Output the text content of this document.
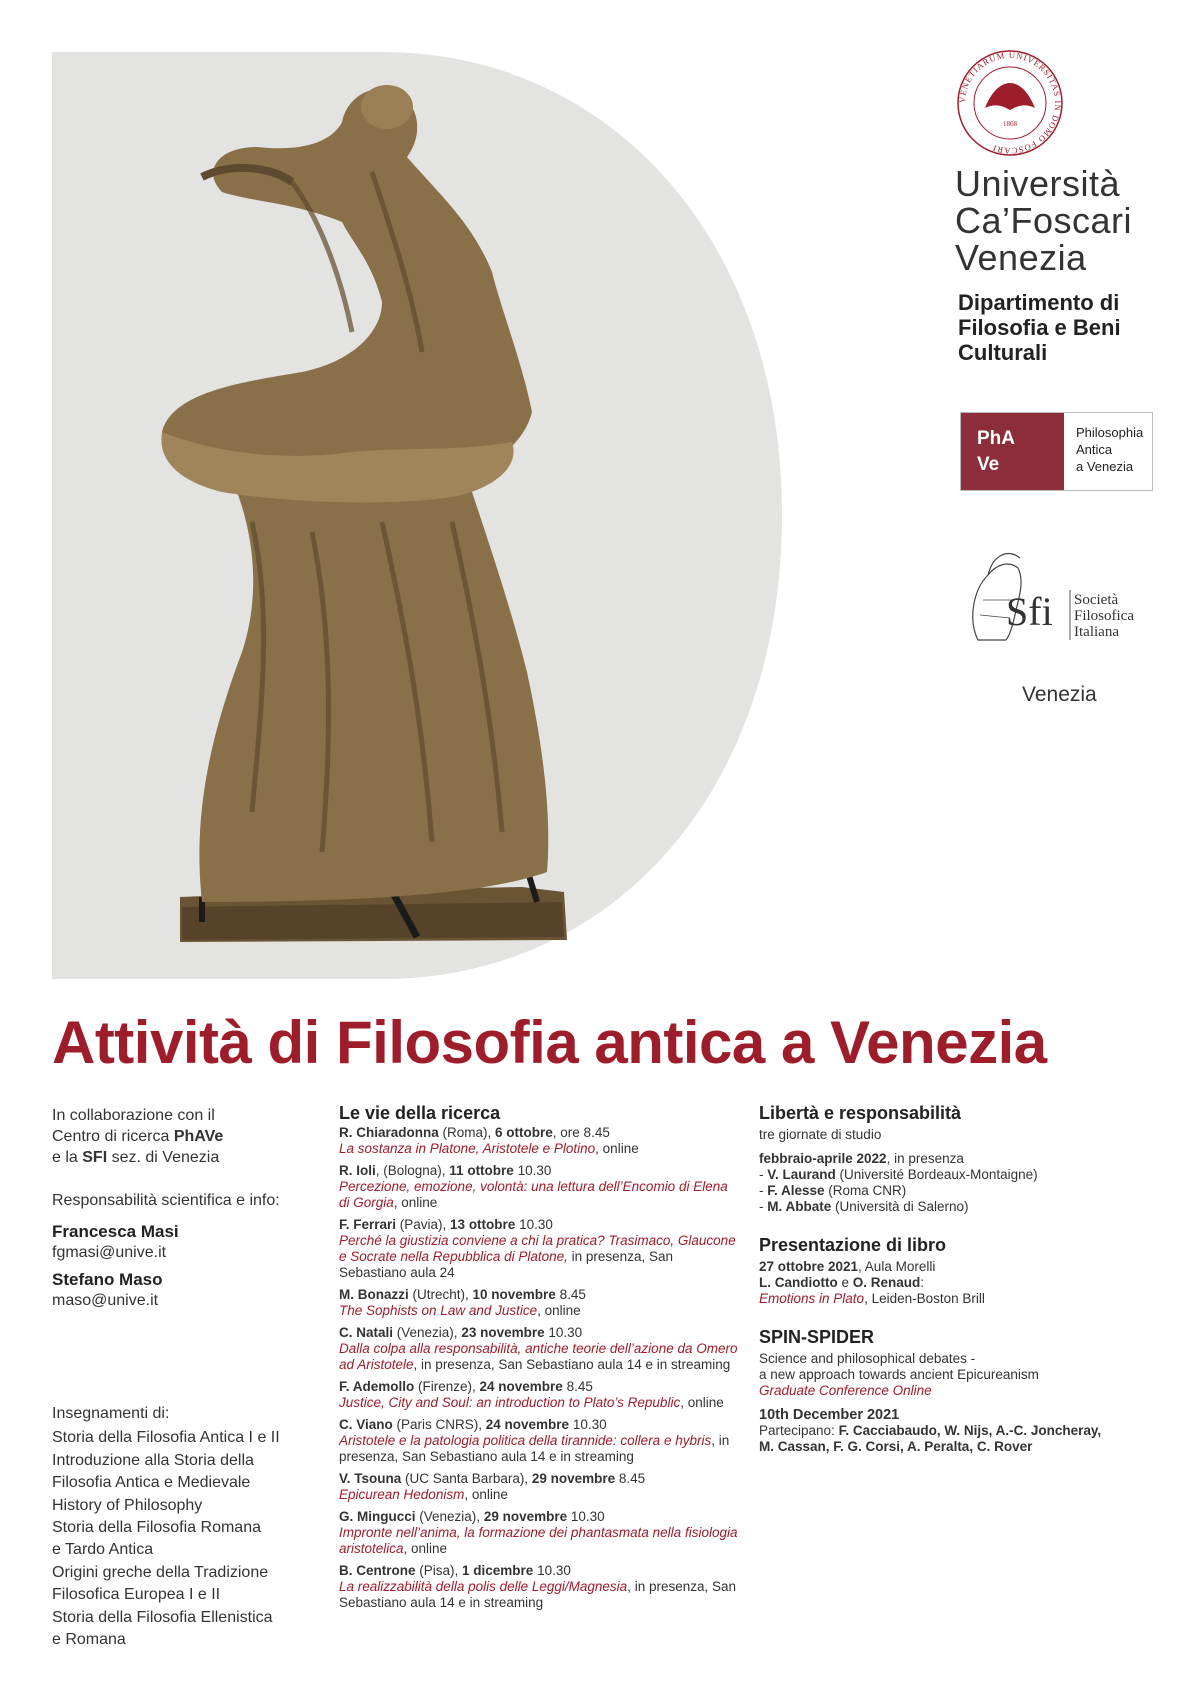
VENETIARUM UNIVERSITAS IN DOMO FOSCARI
1868
Università
Ca’Foscari
Venezia
Dipartimento di
Filosofia e Beni
Culturali
PhA
Ve
Philosophia
Antica
a Venezia
Sfi Società
Filosofica
Italiana
Venezia
Attività di Filosofia antica a Venezia
In collaborazione con il
Centro di ricerca PhAVe
e la SFI sez. di Venezia
Responsabilità scientifica e info:
Francesca Masi
fgmasi@unive.it
Stefano Maso
maso@unive.it
Insegnamenti di:
Storia della Filosofia Antica I e II
Introduzione alla Storia della
Filosofia Antica e Medievale
History of Philosophy
Storia della Filosofia Romana
e Tardo Antica
Origini greche della Tradizione
Filosofica Europea I e II
Storia della Filosofia Ellenistica
e Romana
Le vie della ricerca
R. Chiaradonna (Roma), 6 ottobre, ore 8.45
La sostanza in Platone, Aristotele e Plotino, online
R. Ioli, (Bologna), 11 ottobre 10.30
Percezione, emozione, volontà: una lettura dell’Encomio di Elena di Gorgia, online
F. Ferrari (Pavia), 13 ottobre 10.30
Perché la giustizia conviene a chi la pratica? Trasimaco, Glaucone e Socrate nella Repubblica di Platone, in presenza, San Sebastiano aula 24
M. Bonazzi (Utrecht), 10 novembre 8.45
The Sophists on Law and Justice, online
C. Natali (Venezia), 23 novembre 10.30
Dalla colpa alla responsabilità, antiche teorie dell’azione da Omero ad Aristotele, in presenza, San Sebastiano aula 14 e in streaming
F. Ademollo (Firenze), 24 novembre 8.45
Justice, City and Soul: an introduction to Plato’s Republic, online
C. Viano (Paris CNRS), 24 novembre 10.30
Aristotele e la patologia politica della tirannide: collera e hybris, in presenza, San Sebastiano aula 14 e in streaming
V. Tsouna (UC Santa Barbara), 29 novembre 8.45
Epicurean Hedonism, online
G. Mingucci (Venezia), 29 novembre 10.30
Impronte nell’anima, la formazione dei phantasmata nella fisiologia aristotelica, online
B. Centrone (Pisa), 1 dicembre 10.30
La realizzabilità della polis delle Leggi/Magnesia, in presenza, San Sebastiano aula 14 e in streaming
Libertà e responsabilità
tre giornate di studio
febbraio-aprile 2022, in presenza
- V. Laurand (Université Bordeaux-Montaigne)
- F. Alesse (Roma CNR)
- M. Abbate (Università di Salerno)
Presentazione di libro
27 ottobre 2021, Aula Morelli
L. Candiotto e O. Renaud:
Emotions in Plato, Leiden-Boston Brill
SPIN-SPIDER
Science and philosophical debates -
a new approach towards ancient Epicureanism
Graduate Conference Online
10th December 2021
Partecipano: F. Cacciabaudo, W. Nijs, A.-C. Joncheray,
M. Cassan, F. G. Corsi, A. Peralta, C. Rover
